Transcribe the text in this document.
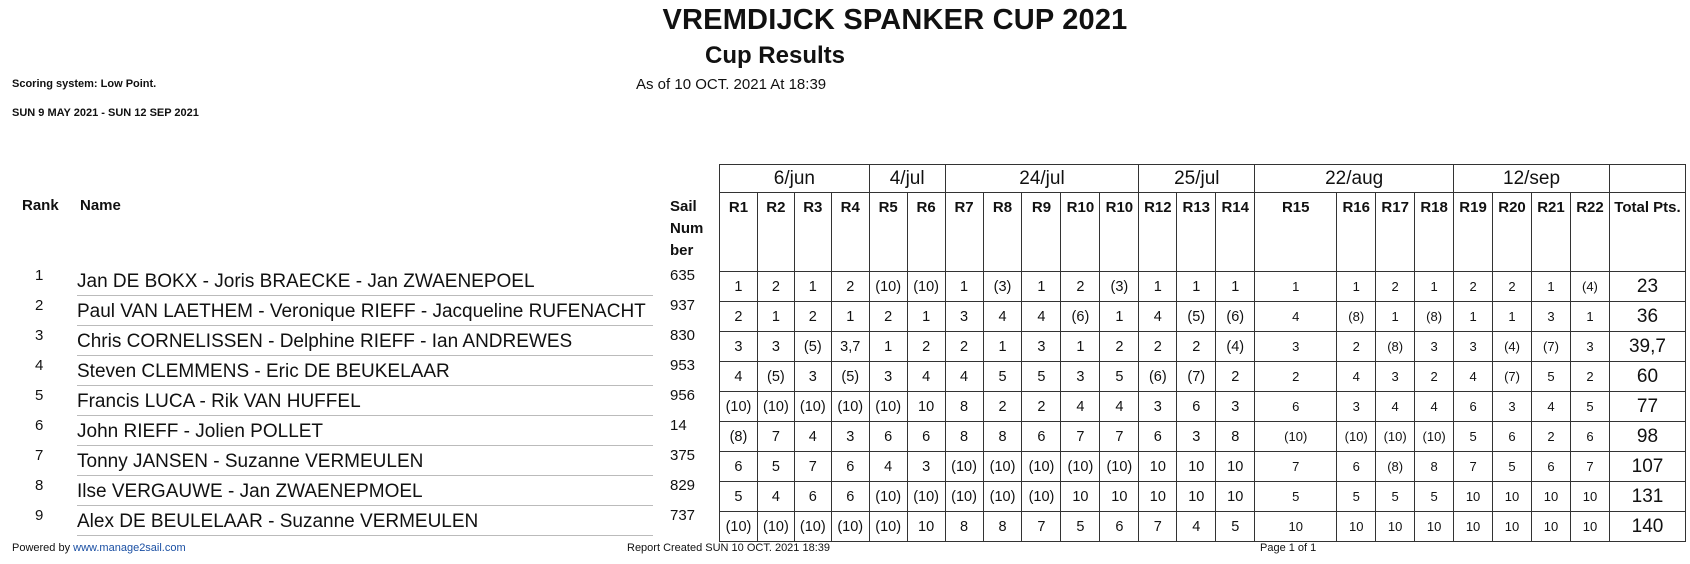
VREMDIJCK SPANKER CUP 2021
Cup Results
Scoring system: Low Point.	As of 10 OCT. 2021 At 18:39
SUN 9 MAY 2021 - SUN 12 SEP 2021
Rank Name	Sail
Num
ber
1 Jan DE BOKX - Joris BRAECKE - Jan ZWAENEPOEL	635
2 Paul VAN LAETHEM - Veronique RIEFF - Jacqueline RUFENACHT	937
3 Chris CORNELISSEN - Delphine RIEFF - Ian ANDREWES	830
4 Steven CLEMMENS - Eric DE BEUKELAAR	953
5 Francis LUCA - Rik VAN HUFFEL	956
6 John RIEFF - Jolien POLLET	14
7 Tonny JANSEN - Suzanne VERMEULEN	375
8 Ilse VERGAUWE - Jan ZWAENEPMOEL	829
9 Alex DE BEULELAAR - Suzanne VERMEULEN	737
6/jun				4/jul		24/jul					25/jul			22/aug				12/sep				
R1	R2	R3	R4	R5	R6	R7	R8	R9	R10	R10	R12	R13	R14	R15	R16	R17	R18	R19	R20	R21	R22	Total Pts.
1	2	1	2	(10)	(10)	1	(3)	1	2	(3)	1	1	1	1	1	2	1	2	2	1	(4)	23
2	1	2	1	2	1	3	4	4	(6)	1	4	(5)	(6)	4	(8)	1	(8)	1	1	3	1	36
3	3	(5)	3,7	1	2	2	1	3	1	2	2	2	(4)	3	2	(8)	3	3	(4)	(7)	3	39,7
4	(5)	3	(5)	3	4	4	5	5	3	5	(6)	(7)	2	2	4	3	2	4	(7)	5	2	60
(10)	(10)	(10)	(10)	(10)	10	8	2	2	4	4	3	6	3	6	3	4	4	6	3	4	5	77
(8)	7	4	3	6	6	8	8	6	7	7	6	3	8	(10)	(10)	(10)	(10)	5	6	2	6	98
6	5	7	6	4	3	(10)	(10)	(10)	(10)	(10)	10	10	10	7	6	(8)	8	7	5	6	7	107
5	4	6	6	(10)	(10)	(10)	(10)	(10)	10	10	10	10	10	5	5	5	5	10	10	10	10	131
(10)	(10)	(10)	(10)	(10)	10	8	8	7	5	6	7	4	5	10	10	10	10	10	10	10	10	140
Powered by www.manage2sail.com	Report Created SUN 10 OCT. 2021 18:39	Page 1 of 1
